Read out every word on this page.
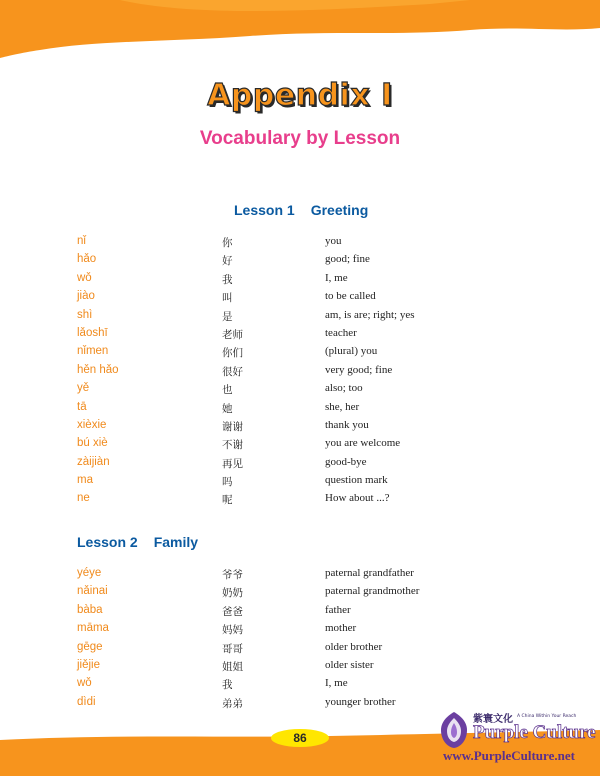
Appendix I
Vocabulary by Lesson
Lesson 1 Greeting
nǐ	你	you
hǎo	好	good; fine
wǒ	我	I, me
jiào	叫	to be called
shì	是	am, is are; right; yes
lǎoshī	老师	teacher
nǐmen	你们	(plural) you
hěn hǎo	很好	very good; fine
yě	也	also; too
tā	她	she, her
xièxie	谢谢	thank you
bú xiè	不谢	you are welcome
zàijiàn	再见	good-bye
ma	吗	question mark
ne	呢	How about ...?
Lesson 2 Family
yéye	爷爷	paternal grandfather
nǎinai	奶奶	paternal grandmother
bàba	爸爸	father
māma	妈妈	mother
gēge	哥哥	older brother
jiějie	姐姐	older sister
wǒ	我	I, me
dìdi	弟弟	younger brother
86
紫寰文化 A China Within Your Reach
Purple Culture
www.PurpleCulture.net
